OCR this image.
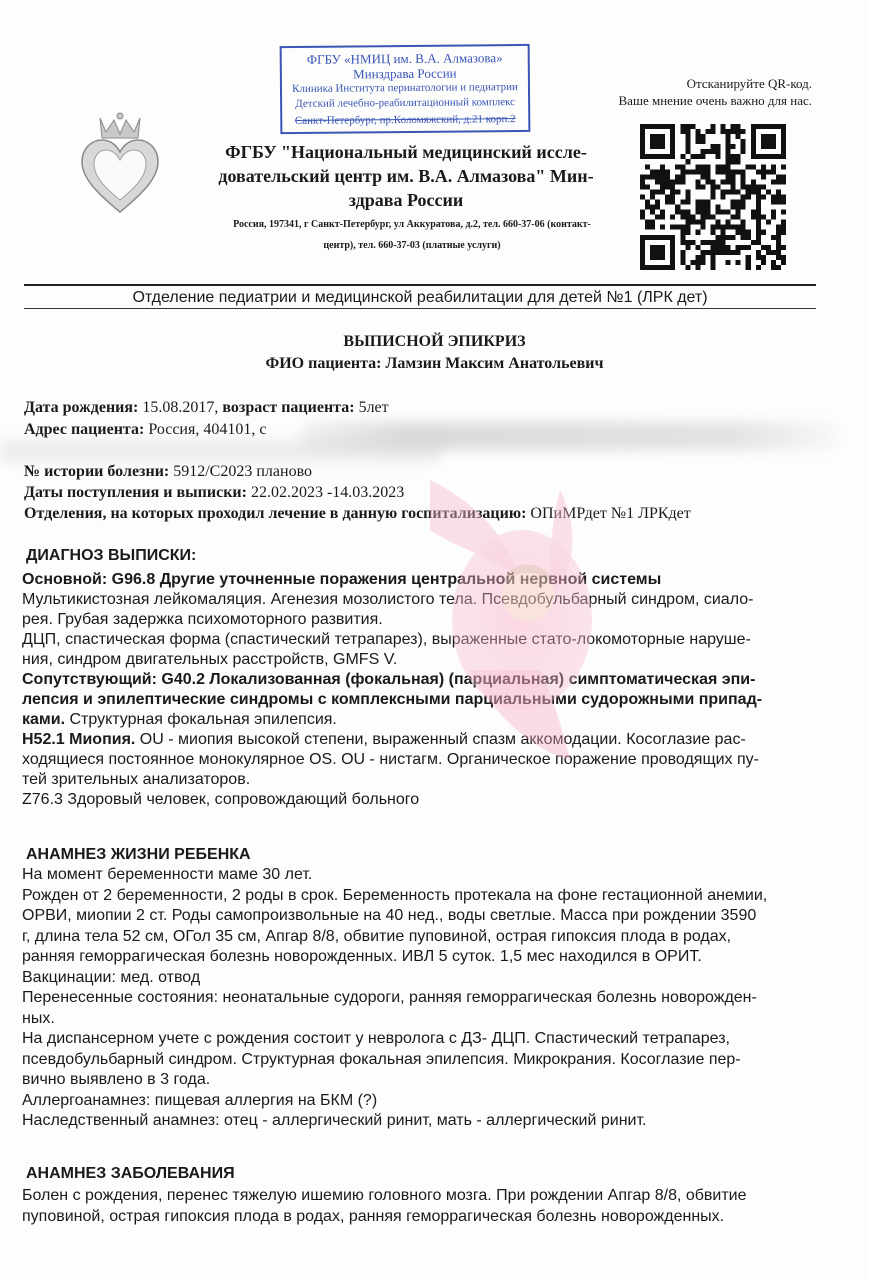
ФГБУ «НМИЦ им. В.А. Алмазова»
Минздрава России
Клиника Института перинатологии и педиатрии
Детский лечебно-реабилитационный комплекс
Санкт-Петербург, пр.Коломяжский, д.21 корп.2
ФГБУ "Национальный медицинский иссле-
довательский центр им. В.А. Алмазова" Мин-
здрава России
Россия, 197341, г Санкт-Петербург, ул Аккуратова, д.2, тел. 660-37-06 (контакт-
центр), тел. 660-37-03 (платные услуги)
Отсканируйте QR-код.
Ваше мнение очень важно для нас.
Отделение педиатрии и медицинской реабилитации для детей №1 (ЛРК дет)
ВЫПИСНОЙ ЭПИКРИЗ
ФИО пациента: Ламзин Максим Анатольевич
Дата рождения: 15.08.2017, возраст пациента: 5лет
Адрес пациента: Россия, 404101, с
№ истории болезни: 5912/С2023 планово
Даты поступления и выписки: 22.02.2023 -14.03.2023
Отделения, на которых проходил лечение в данную госпитализацию: ОПиМРдет №1 ЛРКдет
ДИАГНОЗ ВЫПИСКИ:
Основной: G96.8 Другие уточненные поражения центральной нервной системы
Мультикистозная лейкомаляция. Агенезия мозолистого тела. Псевдобульбарный синдром, сиало-
рея. Грубая задержка психомоторного развития.
ДЦП, спастическая форма (спастический тетрапарез), выраженные стато-локомоторные наруше-
ния, синдром двигательных расстройств, GMFS V.
Сопутствующий: G40.2 Локализованная (фокальная) (парциальная) симптоматическая эпи-
лепсия и эпилептические синдромы с комплексными парциальными судорожными припад-
ками. Структурная фокальная эпилепсия.
H52.1 Миопия. OU - миопия высокой степени, выраженный спазм аккомодации. Косоглазие рас-
ходящиеся постоянное монокулярное OS. OU - нистагм. Органическое поражение проводящих пу-
тей зрительных анализаторов.
Z76.3 Здоровый человек, сопровождающий больного
АНАМНЕЗ ЖИЗНИ РЕБЕНКА
На момент беременности маме 30 лет.
Рожден от 2 беременности, 2 роды в срок. Беременность протекала на фоне гестационной анемии,
ОРВИ, миопии 2 ст. Роды самопроизвольные на 40 нед., воды светлые. Масса при рождении 3590
г, длина тела 52 см, ОГол 35 см, Апгар 8/8, обвитие пуповиной, острая гипоксия плода в родах,
ранняя геморрагическая болезнь новорожденных. ИВЛ 5 суток. 1,5 мес находился в ОРИТ.
Вакцинации: мед. отвод
Перенесенные состояния: неонатальные судороги, ранняя геморрагическая болезнь новорожден-
ных.
На диспансерном учете с рождения состоит у невролога с ДЗ- ДЦП. Спастический тетрапарез,
псевдобульбарный синдром. Структурная фокальная эпилепсия. Микрокрания. Косоглазие пер-
вично выявлено в 3 года.
Аллергоанамнез: пищевая аллергия на БКМ (?)
Наследственный анамнез: отец - аллергический ринит, мать - аллергический ринит.
АНАМНЕЗ ЗАБОЛЕВАНИЯ
Болен с рождения, перенес тяжелую ишемию головного мозга. При рождении Апгар 8/8, обвитие
пуповиной, острая гипоксия плода в родах, ранняя геморрагическая болезнь новорожденных.
